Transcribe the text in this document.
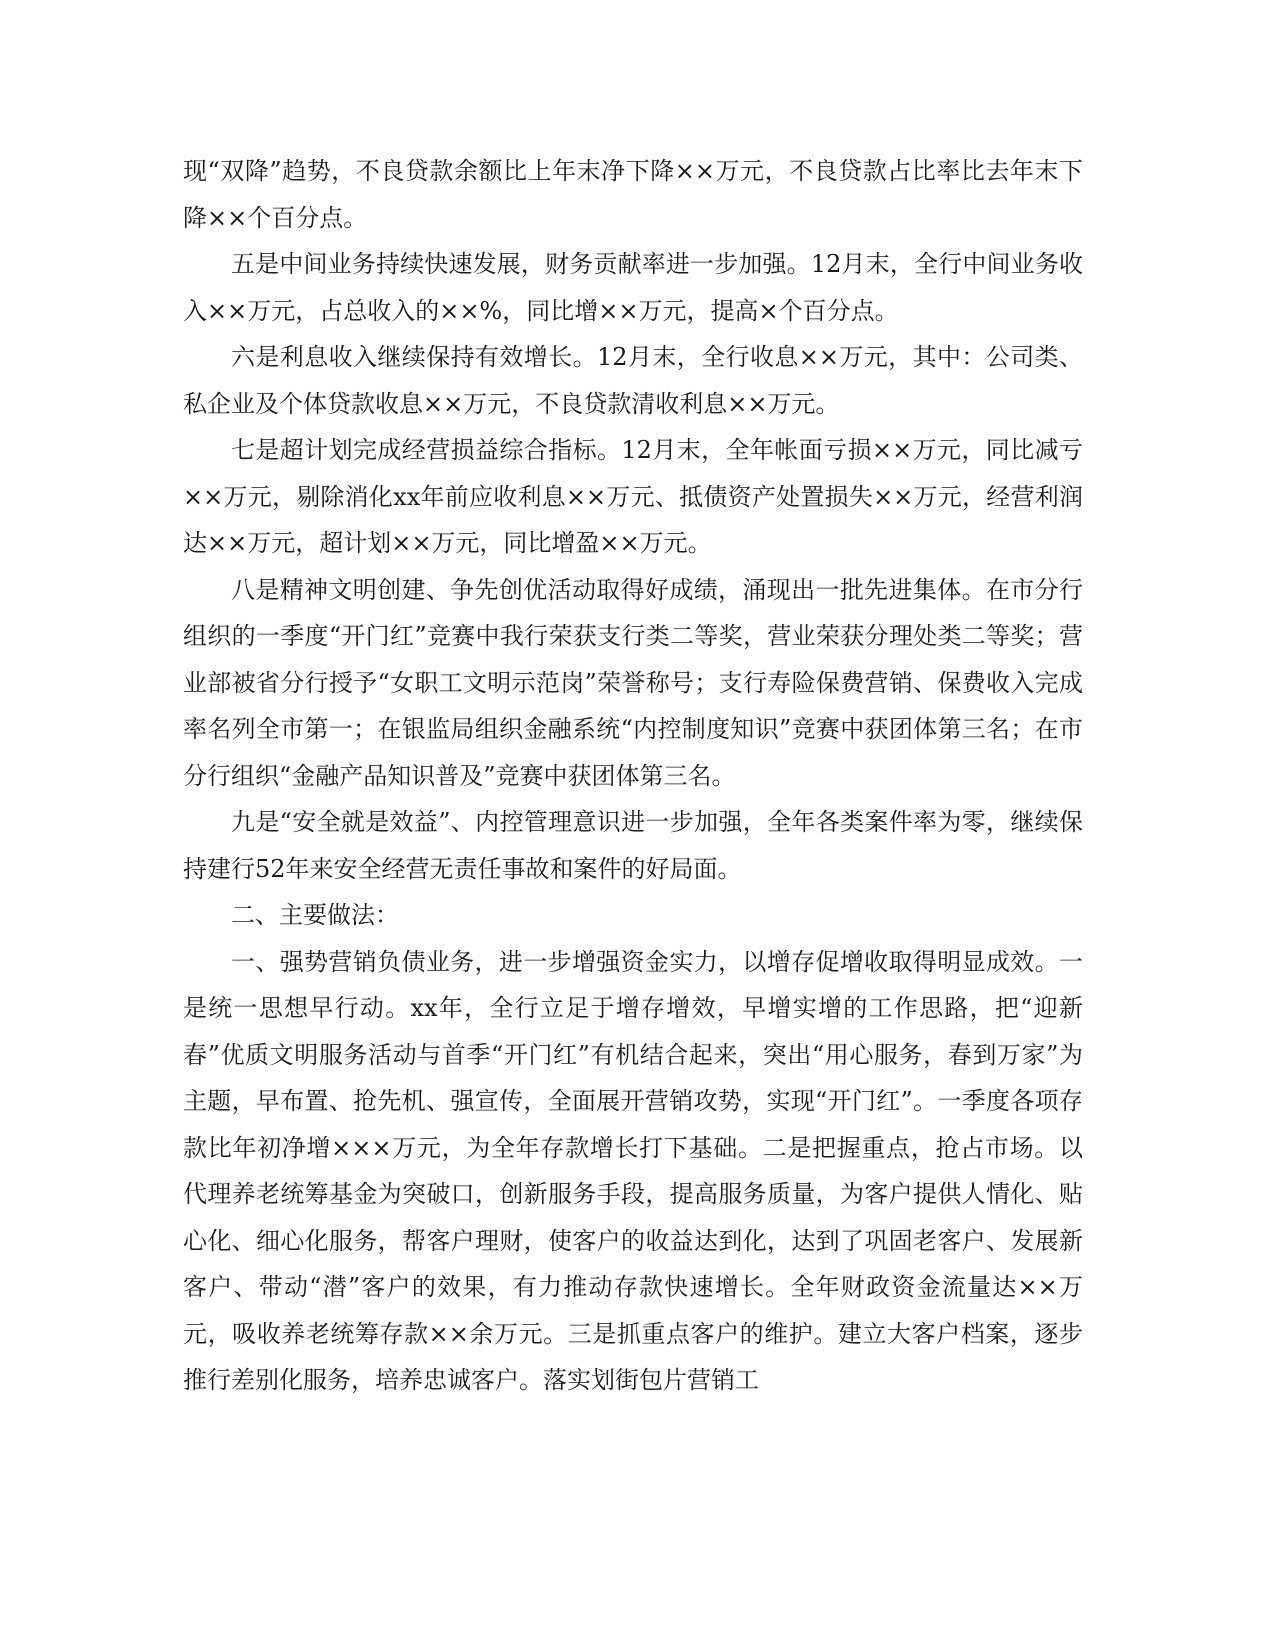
现“双降”趋势，不良贷款余额比上年末净下降××万元，不良贷款占比率比去年末下降××个百分点。

五是中间业务持续快速发展，财务贡献率进一步加强。12月末，全行中间业务收入××万元，占总收入的××%，同比增××万元，提高×个百分点。

六是利息收入继续保持有效增长。12月末，全行收息××万元，其中：公司类、私企业及个体贷款收息××万元，不良贷款清收利息××万元。

七是超计划完成经营损益综合指标。12月末，全年帐面亏损××万元，同比减亏××万元，剔除消化xx年前应收利息××万元、抵债资产处置损失××万元，经营利润达××万元，超计划××万元，同比增盈××万元。

八是精神文明创建、争先创优活动取得好成绩，涌现出一批先进集体。在市分行组织的一季度“开门红”竞赛中我行荣获支行类二等奖，营业荣获分理处类二等奖；营业部被省分行授予“女职工文明示范岗”荣誉称号；支行寿险保费营销、保费收入完成率名列全市第一；在银监局组织金融系统“内控制度知识”竞赛中获团体第三名；在市分行组织“金融产品知识普及”竞赛中获团体第三名。

九是“安全就是效益”、内控管理意识进一步加强，全年各类案件率为零，继续保持建行52年来安全经营无责任事故和案件的好局面。

二、主要做法：

一、强势营销负债业务，进一步增强资金实力，以增存促增收取得明显成效。一是统一思想早行动。xx年，全行立足于增存增效，早增实增的工作思路，把“迎新春”优质文明服务活动与首季“开门红”有机结合起来，突出“用心服务，春到万家”为主题，早布置、抢先机、强宣传，全面展开营销攻势，实现“开门红”。一季度各项存款比年初净增×××万元，为全年存款增长打下基础。二是把握重点，抢占市场。以代理养老统筹基金为突破口，创新服务手段，提高服务质量，为客户提供人情化、贴心化、细心化服务，帮客户理财，使客户的收益达到化，达到了巩固老客户、发展新客户、带动“潜”客户的效果，有力推动存款快速增长。全年财政资金流量达××万元，吸收养老统筹存款××余万元。三是抓重点客户的维护。建立大客户档案，逐步推行差别化服务，培养忠诚客户。落实划街包片营销工
